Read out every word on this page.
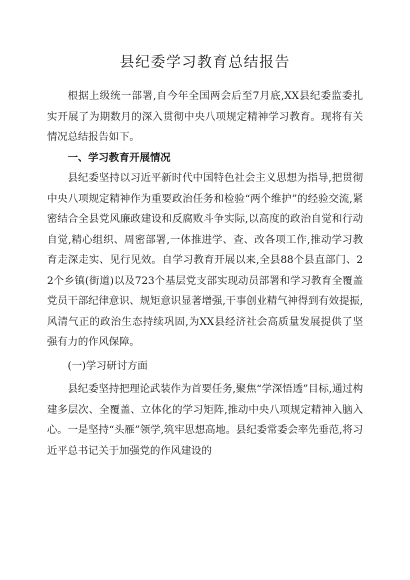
县纪委学习教育总结报告

根据上级统一部署,自今年全国两会后至7月底,XX县纪委监委扎实开展了为期数月的深入贯彻中央八项规定精神学习教育。现将有关情况总结报告如下。

一、学习教育开展情况

县纪委坚持以习近平新时代中国特色社会主义思想为指导,把贯彻中央八项规定精神作为重要政治任务和检验“两个维护”的经验交流,紧密结合全县党风廉政建设和反腐败斗争实际,以高度的政治自觉和行动自觉,精心组织、周密部署,一体推进学、查、改各项工作,推动学习教育走深走实、见行见效。自学习教育开展以来,全县88个县直部门、22个乡镇(街道)以及723个基层党支部实现动员部署和学习教育全覆盖党员干部纪律意识、规矩意识显著增强,干事创业精气神得到有效提振,风清气正的政治生态持续巩固,为XX县经济社会高质量发展提供了坚强有力的作风保障。

(一)学习研讨方面

县纪委坚持把理论武装作为首要任务,聚焦“学深悟透”目标,通过构建多层次、全覆盖、立体化的学习矩阵,推动中央八项规定精神入脑入心。一是坚持“头雁”领学,筑牢思想高地。县纪委常委会率先垂范,将习近平总书记关于加强党的作风建设的
